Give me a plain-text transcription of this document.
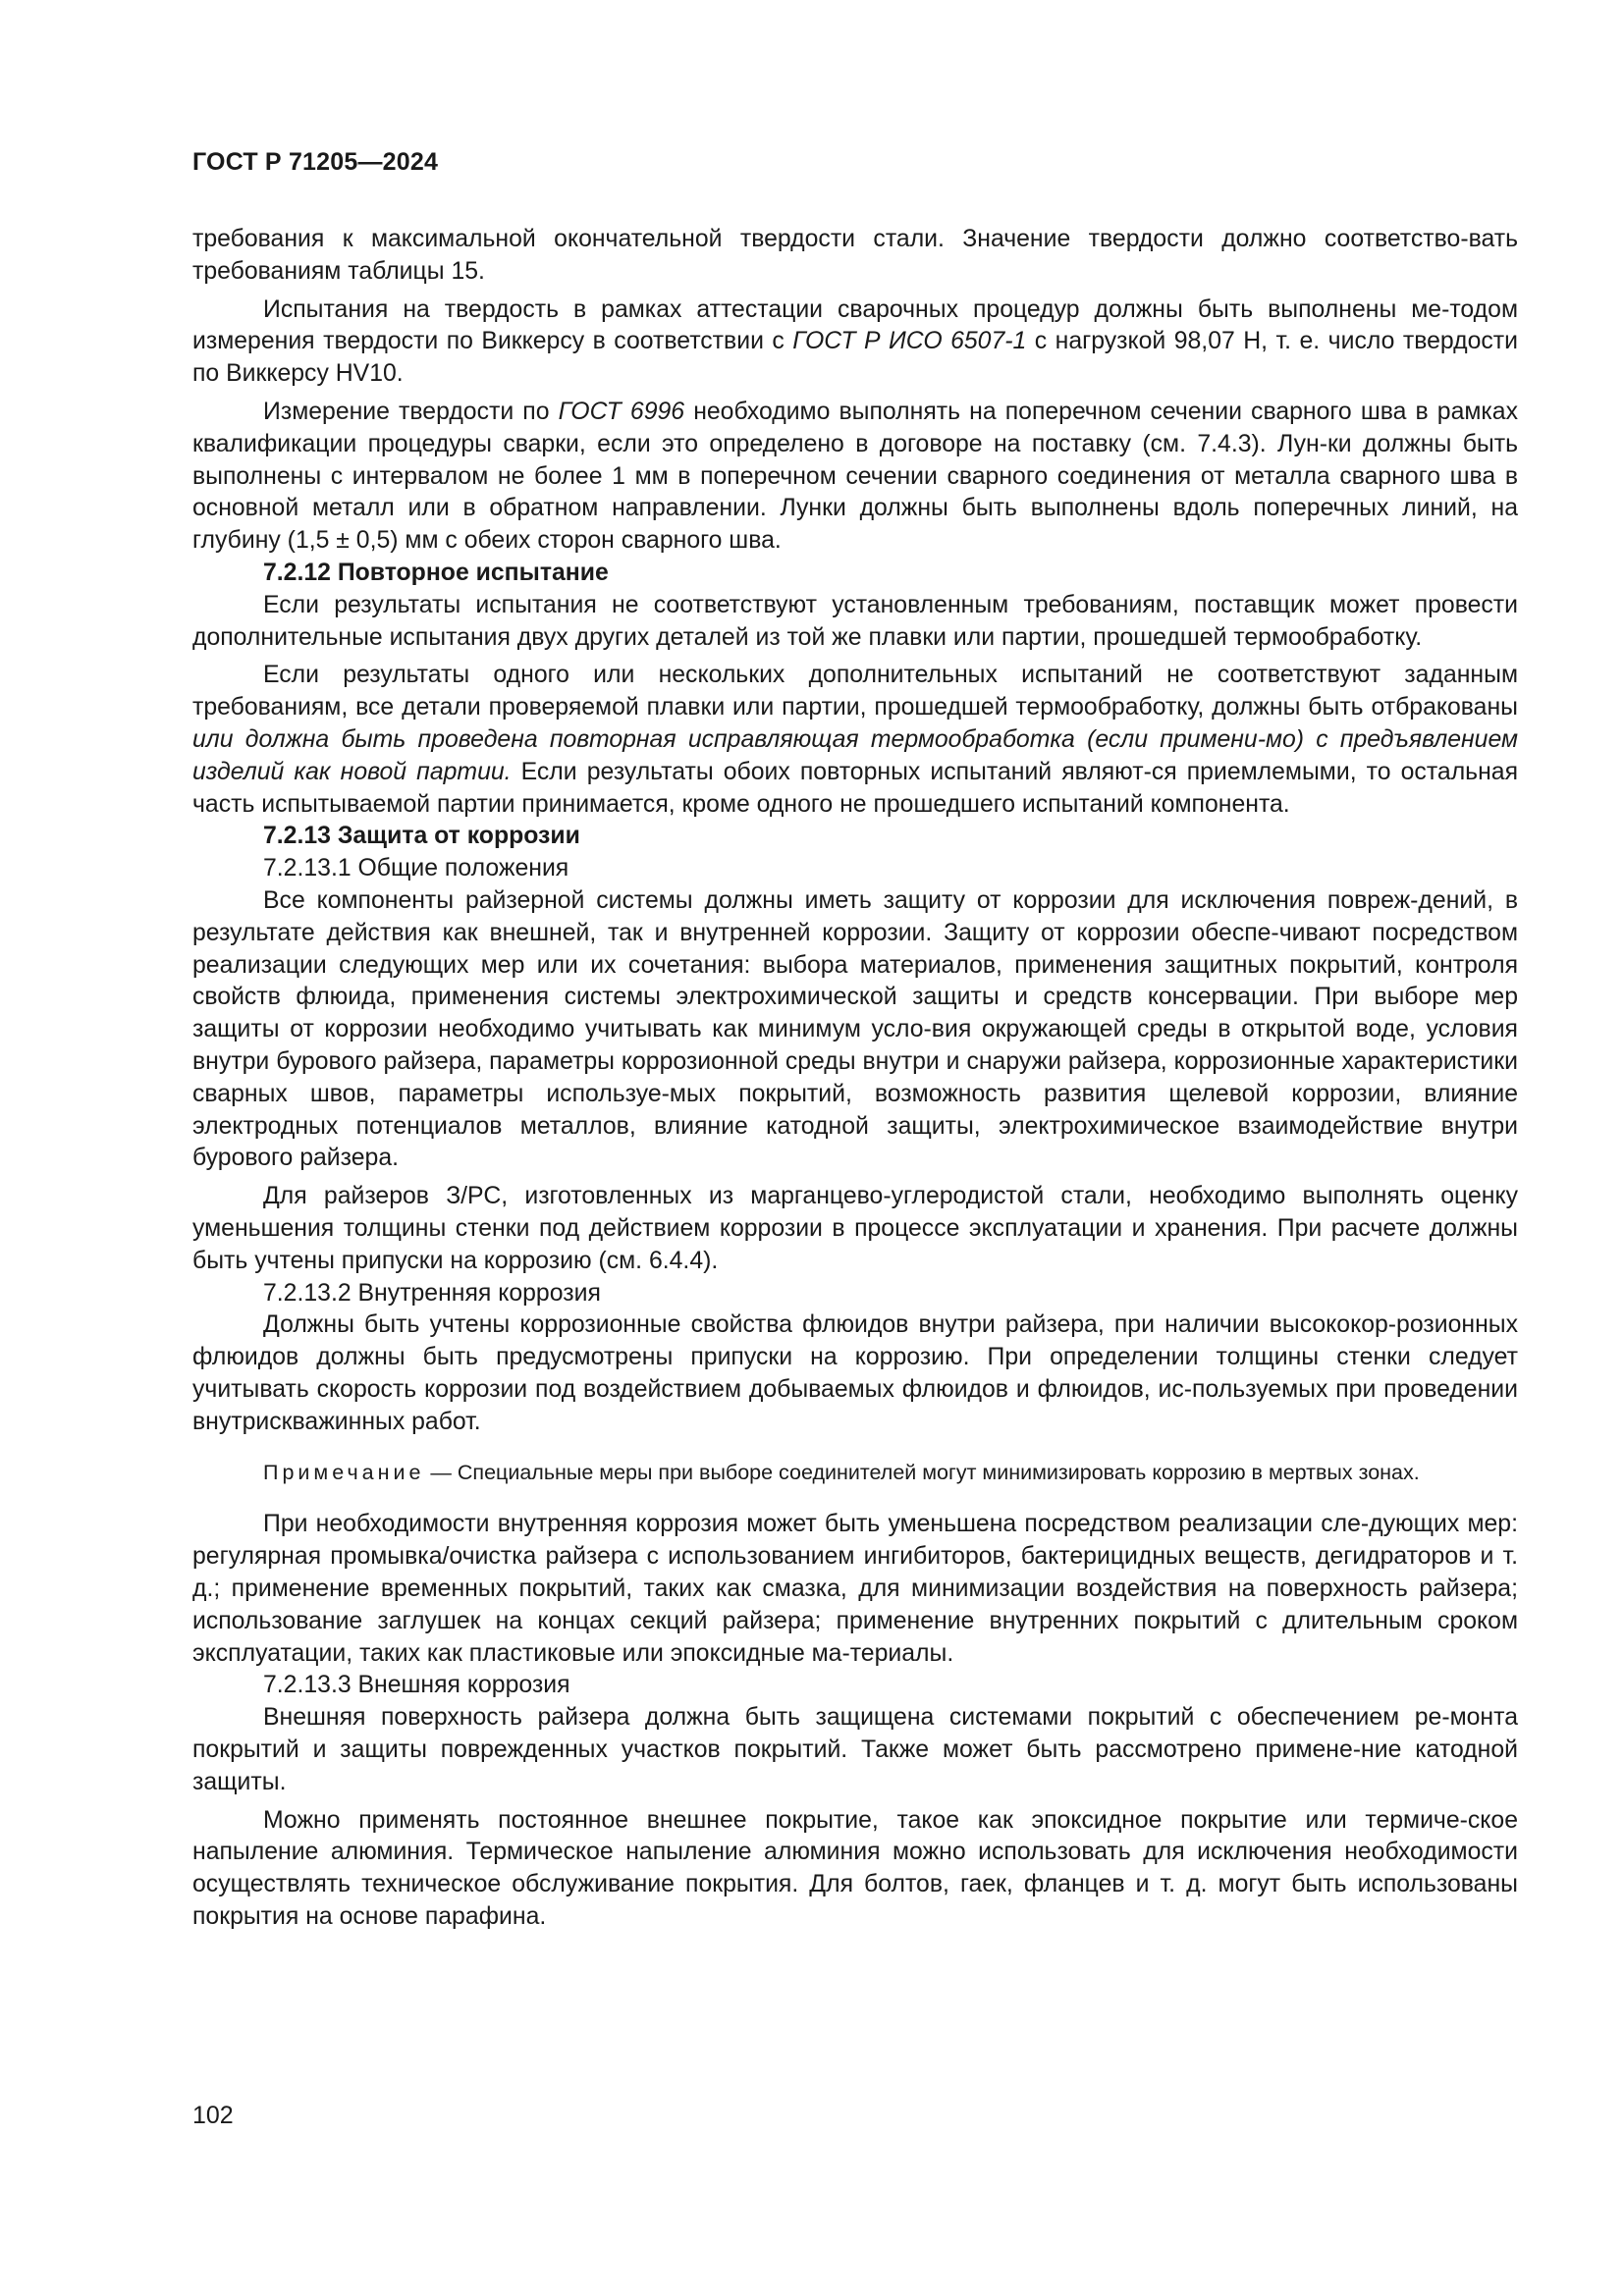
ГОСТ Р 71205—2024

требования к максимальной окончательной твердости стали. Значение твердости должно соответство-вать требованиям таблицы 15.

Испытания на твердость в рамках аттестации сварочных процедур должны быть выполнены ме-тодом измерения твердости по Виккерсу в соответствии с ГОСТ Р ИСО 6507-1 с нагрузкой 98,07 Н, т. е. число твердости по Виккерсу HV10.

Измерение твердости по ГОСТ 6996 необходимо выполнять на поперечном сечении сварного шва в рамках квалификации процедуры сварки, если это определено в договоре на поставку (см. 7.4.3). Лун-ки должны быть выполнены с интервалом не более 1 мм в поперечном сечении сварного соединения от металла сварного шва в основной металл или в обратном направлении. Лунки должны быть выполнены вдоль поперечных линий, на глубину (1,5 ± 0,5) мм с обеих сторон сварного шва.

7.2.12 Повторное испытание

Если результаты испытания не соответствуют установленным требованиям, поставщик может провести дополнительные испытания двух других деталей из той же плавки или партии, прошедшей термообработку.

Если результаты одного или нескольких дополнительных испытаний не соответствуют заданным требованиям, все детали проверяемой плавки или партии, прошедшей термообработку, должны быть отбракованы или должна быть проведена повторная исправляющая термообработка (если примени-мо) с предъявлением изделий как новой партии. Если результаты обоих повторных испытаний являют-ся приемлемыми, то остальная часть испытываемой партии принимается, кроме одного не прошедшего испытаний компонента.

7.2.13 Защита от коррозии

7.2.13.1 Общие положения

Все компоненты райзерной системы должны иметь защиту от коррозии для исключения повреж-дений, в результате действия как внешней, так и внутренней коррозии. Защиту от коррозии обеспе-чивают посредством реализации следующих мер или их сочетания: выбора материалов, применения защитных покрытий, контроля свойств флюида, применения системы электрохимической защиты и средств консервации. При выборе мер защиты от коррозии необходимо учитывать как минимум усло-вия окружающей среды в открытой воде, условия внутри бурового райзера, параметры коррозионной среды внутри и снаружи райзера, коррозионные характеристики сварных швов, параметры используе-мых покрытий, возможность развития щелевой коррозии, влияние электродных потенциалов металлов, влияние катодной защиты, электрохимическое взаимодействие внутри бурового райзера.

Для райзеров З/РС, изготовленных из марганцево-углеродистой стали, необходимо выполнять оценку уменьшения толщины стенки под действием коррозии в процессе эксплуатации и хранения. При расчете должны быть учтены припуски на коррозию (см. 6.4.4).

7.2.13.2 Внутренняя коррозия

Должны быть учтены коррозионные свойства флюидов внутри райзера, при наличии высококор-розионных флюидов должны быть предусмотрены припуски на коррозию. При определении толщины стенки следует учитывать скорость коррозии под воздействием добываемых флюидов и флюидов, ис-пользуемых при проведении внутрискважинных работ.

Примечание — Специальные меры при выборе соединителей могут минимизировать коррозию в мертвых зонах.

При необходимости внутренняя коррозия может быть уменьшена посредством реализации сле-дующих мер: регулярная промывка/очистка райзера с использованием ингибиторов, бактерицидных веществ, дегидраторов и т. д.; применение временных покрытий, таких как смазка, для минимизации воздействия на поверхность райзера; использование заглушек на концах секций райзера; применение внутренних покрытий с длительным сроком эксплуатации, таких как пластиковые или эпоксидные ма-териалы.

7.2.13.3 Внешняя коррозия

Внешняя поверхность райзера должна быть защищена системами покрытий с обеспечением ре-монта покрытий и защиты поврежденных участков покрытий. Также может быть рассмотрено примене-ние катодной защиты.

Можно применять постоянное внешнее покрытие, такое как эпоксидное покрытие или термиче-ское напыление алюминия. Термическое напыление алюминия можно использовать для исключения необходимости осуществлять техническое обслуживание покрытия. Для болтов, гаек, фланцев и т. д. могут быть использованы покрытия на основе парафина.

102
